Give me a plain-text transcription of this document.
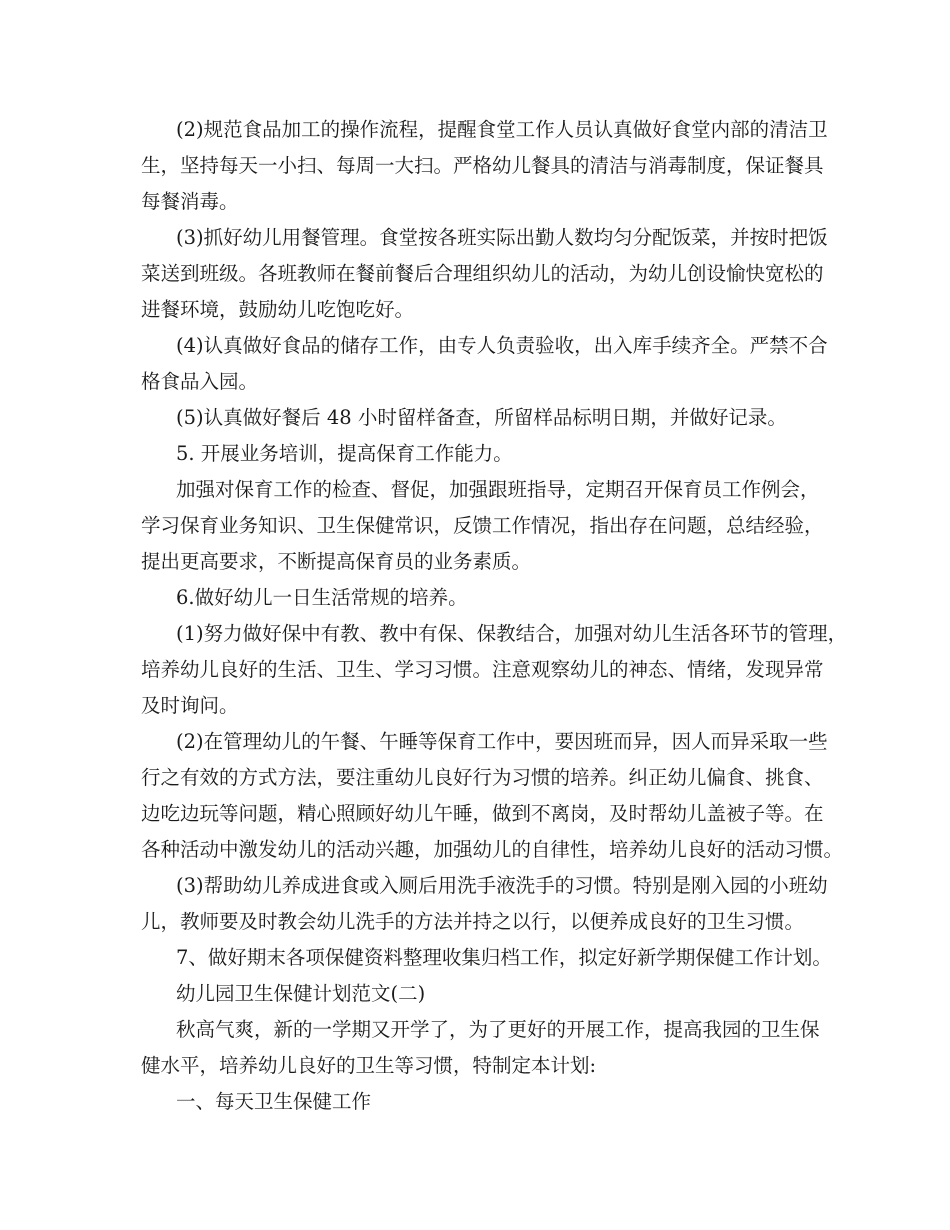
(2)规范食品加工的操作流程，提醒食堂工作人员认真做好食堂内部的清洁卫
生，坚持每天一小扫、每周一大扫。严格幼儿餐具的清洁与消毒制度，保证餐具
每餐消毒。
(3)抓好幼儿用餐管理。食堂按各班实际出勤人数均匀分配饭菜，并按时把饭
菜送到班级。各班教师在餐前餐后合理组织幼儿的活动，为幼儿创设愉快宽松的
进餐环境，鼓励幼儿吃饱吃好。
(4)认真做好食品的储存工作，由专人负责验收，出入库手续齐全。严禁不合
格食品入园。
(5)认真做好餐后 48 小时留样备查，所留样品标明日期，并做好记录。
5. 开展业务培训，提高保育工作能力。
加强对保育工作的检查、督促，加强跟班指导，定期召开保育员工作例会，
学习保育业务知识、卫生保健常识，反馈工作情况，指出存在问题，总结经验，
提出更高要求，不断提高保育员的业务素质。
6.做好幼儿一日生活常规的培养。
(1)努力做好保中有教、教中有保、保教结合，加强对幼儿生活各环节的管理，
培养幼儿良好的生活、卫生、学习习惯。注意观察幼儿的神态、情绪，发现异常
及时询问。
(2)在管理幼儿的午餐、午睡等保育工作中，要因班而异，因人而异采取一些
行之有效的方式方法，要注重幼儿良好行为习惯的培养。纠正幼儿偏食、挑食、
边吃边玩等问题，精心照顾好幼儿午睡，做到不离岗，及时帮幼儿盖被子等。在
各种活动中激发幼儿的活动兴趣，加强幼儿的自律性，培养幼儿良好的活动习惯。
(3)帮助幼儿养成进食或入厕后用洗手液洗手的习惯。特别是刚入园的小班幼
儿，教师要及时教会幼儿洗手的方法并持之以行，以便养成良好的卫生习惯。
7、做好期末各项保健资料整理收集归档工作，拟定好新学期保健工作计划。
幼儿园卫生保健计划范文(二)
秋高气爽，新的一学期又开学了，为了更好的开展工作，提高我园的卫生保
健水平，培养幼儿良好的卫生等习惯，特制定本计划:
一、每天卫生保健工作
